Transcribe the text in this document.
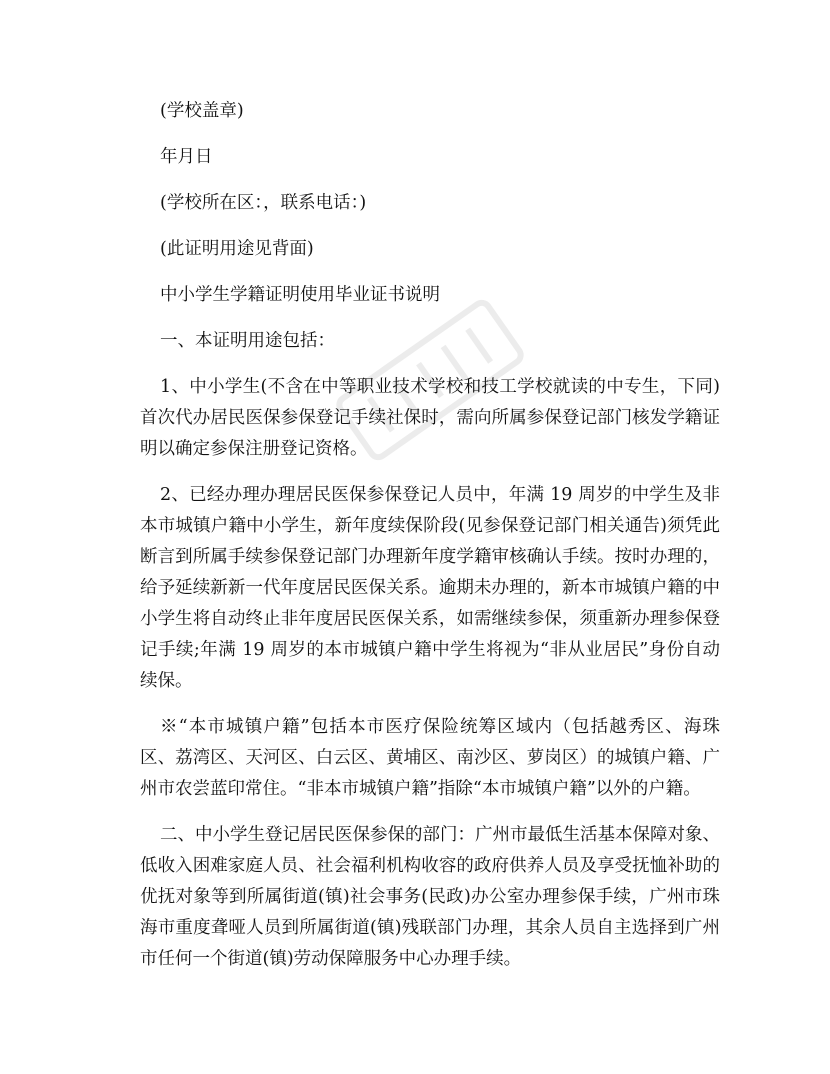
(学校盖章)

年月日

(学校所在区：，联系电话：)

(此证明用途见背面)

中小学生学籍证明使用毕业证书说明

一、本证明用途包括：

1、中小学生(不含在中等职业技术学校和技工学校就读的中专生，下同)首次代办居民医保参保登记手续社保时，需向所属参保登记部门核发学籍证明以确定参保注册登记资格。

2、已经办理办理居民医保参保登记人员中，年满 19 周岁的中学生及非本市城镇户籍中小学生，新年度续保阶段(见参保登记部门相关通告)须凭此断言到所属手续参保登记部门办理新年度学籍审核确认手续。按时办理的，给予延续新新一代年度居民医保关系。逾期未办理的，新本市城镇户籍的中小学生将自动终止非年度居民医保关系，如需继续参保，须重新办理参保登记手续;年满 19 周岁的本市城镇户籍中学生将视为“非从业居民”身份自动续保。

※“本市城镇户籍”包括本市医疗保险统筹区域内（包括越秀区、海珠区、荔湾区、天河区、白云区、黄埔区、南沙区、萝岗区）的城镇户籍、广州市农尝蓝印常住。“非本市城镇户籍”指除“本市城镇户籍”以外的户籍。

二、中小学生登记居民医保参保的部门：广州市最低生活基本保障对象、低收入困难家庭人员、社会福利机构收容的政府供养人员及享受抚恤补助的优抚对象等到所属街道(镇)社会事务(民政)办公室办理参保手续，广州市珠海市重度聋哑人员到所属街道(镇)残联部门办理，其余人员自主选择到广州市任何一个街道(镇)劳动保障服务中心办理手续。
